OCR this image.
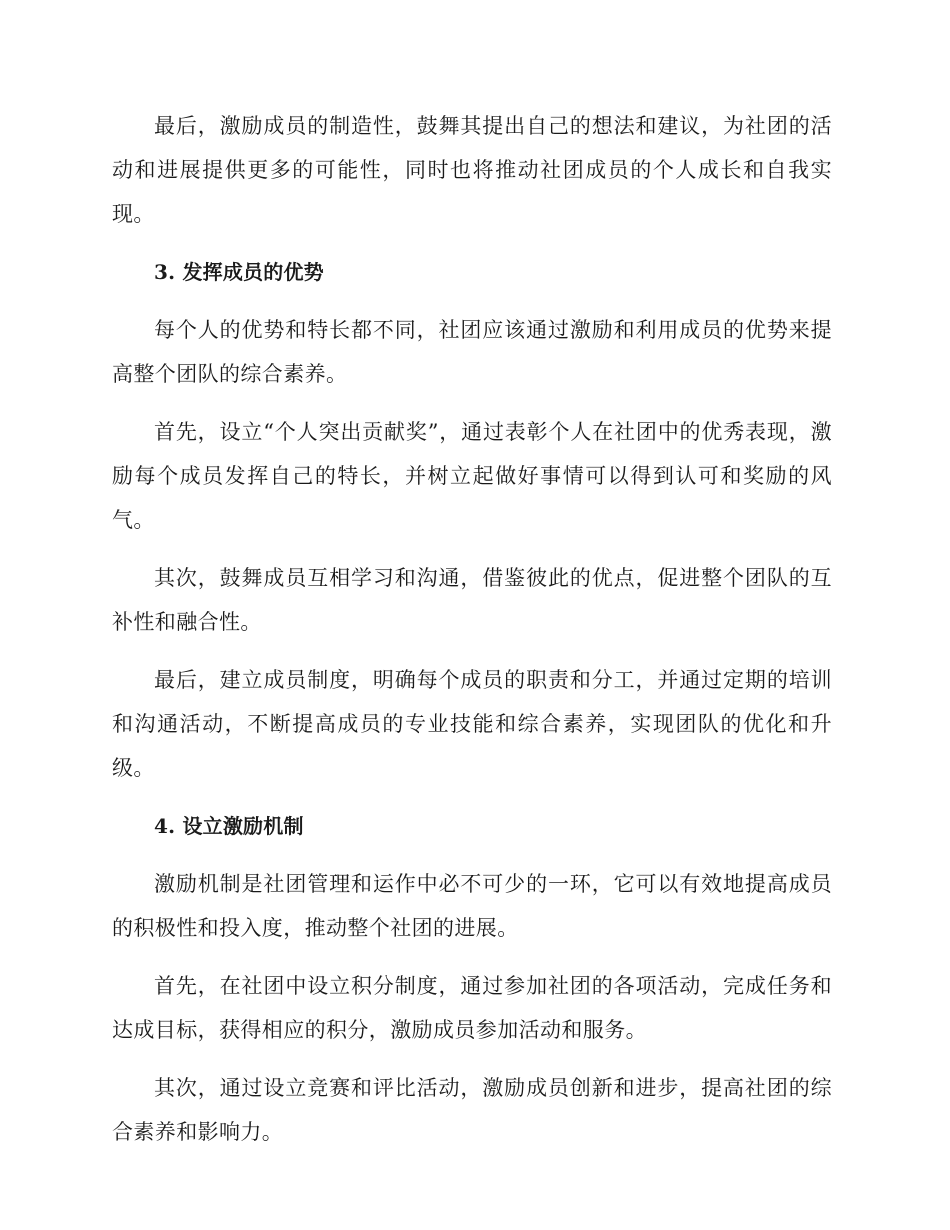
最后，激励成员的制造性，鼓舞其提出自己的想法和建议，为社团的活动和进展提供更多的可能性，同时也将推动社团成员的个人成长和自我实现。

3. 发挥成员的优势

每个人的优势和特长都不同，社团应该通过激励和利用成员的优势来提高整个团队的综合素养。

首先，设立“个人突出贡献奖”，通过表彰个人在社团中的优秀表现，激励每个成员发挥自己的特长，并树立起做好事情可以得到认可和奖励的风气。

其次，鼓舞成员互相学习和沟通，借鉴彼此的优点，促进整个团队的互补性和融合性。

最后，建立成员制度，明确每个成员的职责和分工，并通过定期的培训和沟通活动，不断提高成员的专业技能和综合素养，实现团队的优化和升级。

4. 设立激励机制

激励机制是社团管理和运作中必不可少的一环，它可以有效地提高成员的积极性和投入度，推动整个社团的进展。

首先，在社团中设立积分制度，通过参加社团的各项活动，完成任务和达成目标，获得相应的积分，激励成员参加活动和服务。

其次，通过设立竞赛和评比活动，激励成员创新和进步，提高社团的综合素养和影响力。
